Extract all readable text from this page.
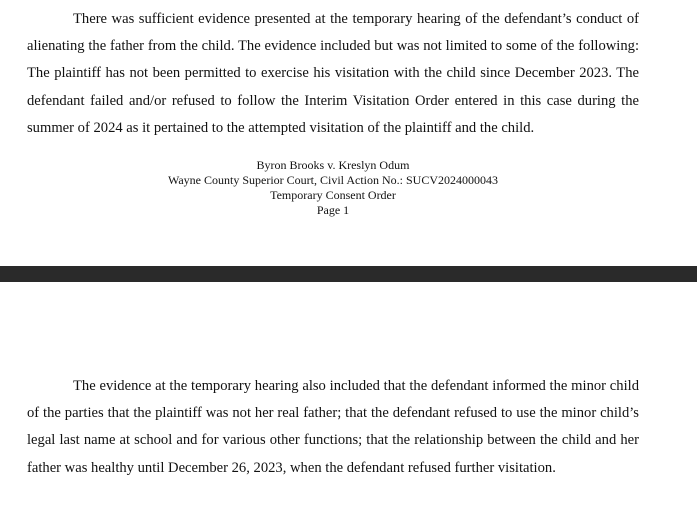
There was sufficient evidence presented at the temporary hearing of the defendant’s conduct of alienating the father from the child. The evidence included but was not limited to some of the following: The plaintiff has not been permitted to exercise his visitation with the child since December 2023. The defendant failed and/or refused to follow the Interim Visitation Order entered in this case during the summer of 2024 as it pertained to the attempted visitation of the plaintiff and the child.

Byron Brooks v. Kreslyn Odum
Wayne County Superior Court, Civil Action No.: SUCV2024000043
Temporary Consent Order
Page 1

The evidence at the temporary hearing also included that the defendant informed the minor child of the parties that the plaintiff was not her real father; that the defendant refused to use the minor child’s legal last name at school and for various other functions; that the relationship between the child and her father was healthy until December 26, 2023, when the defendant refused further visitation.
